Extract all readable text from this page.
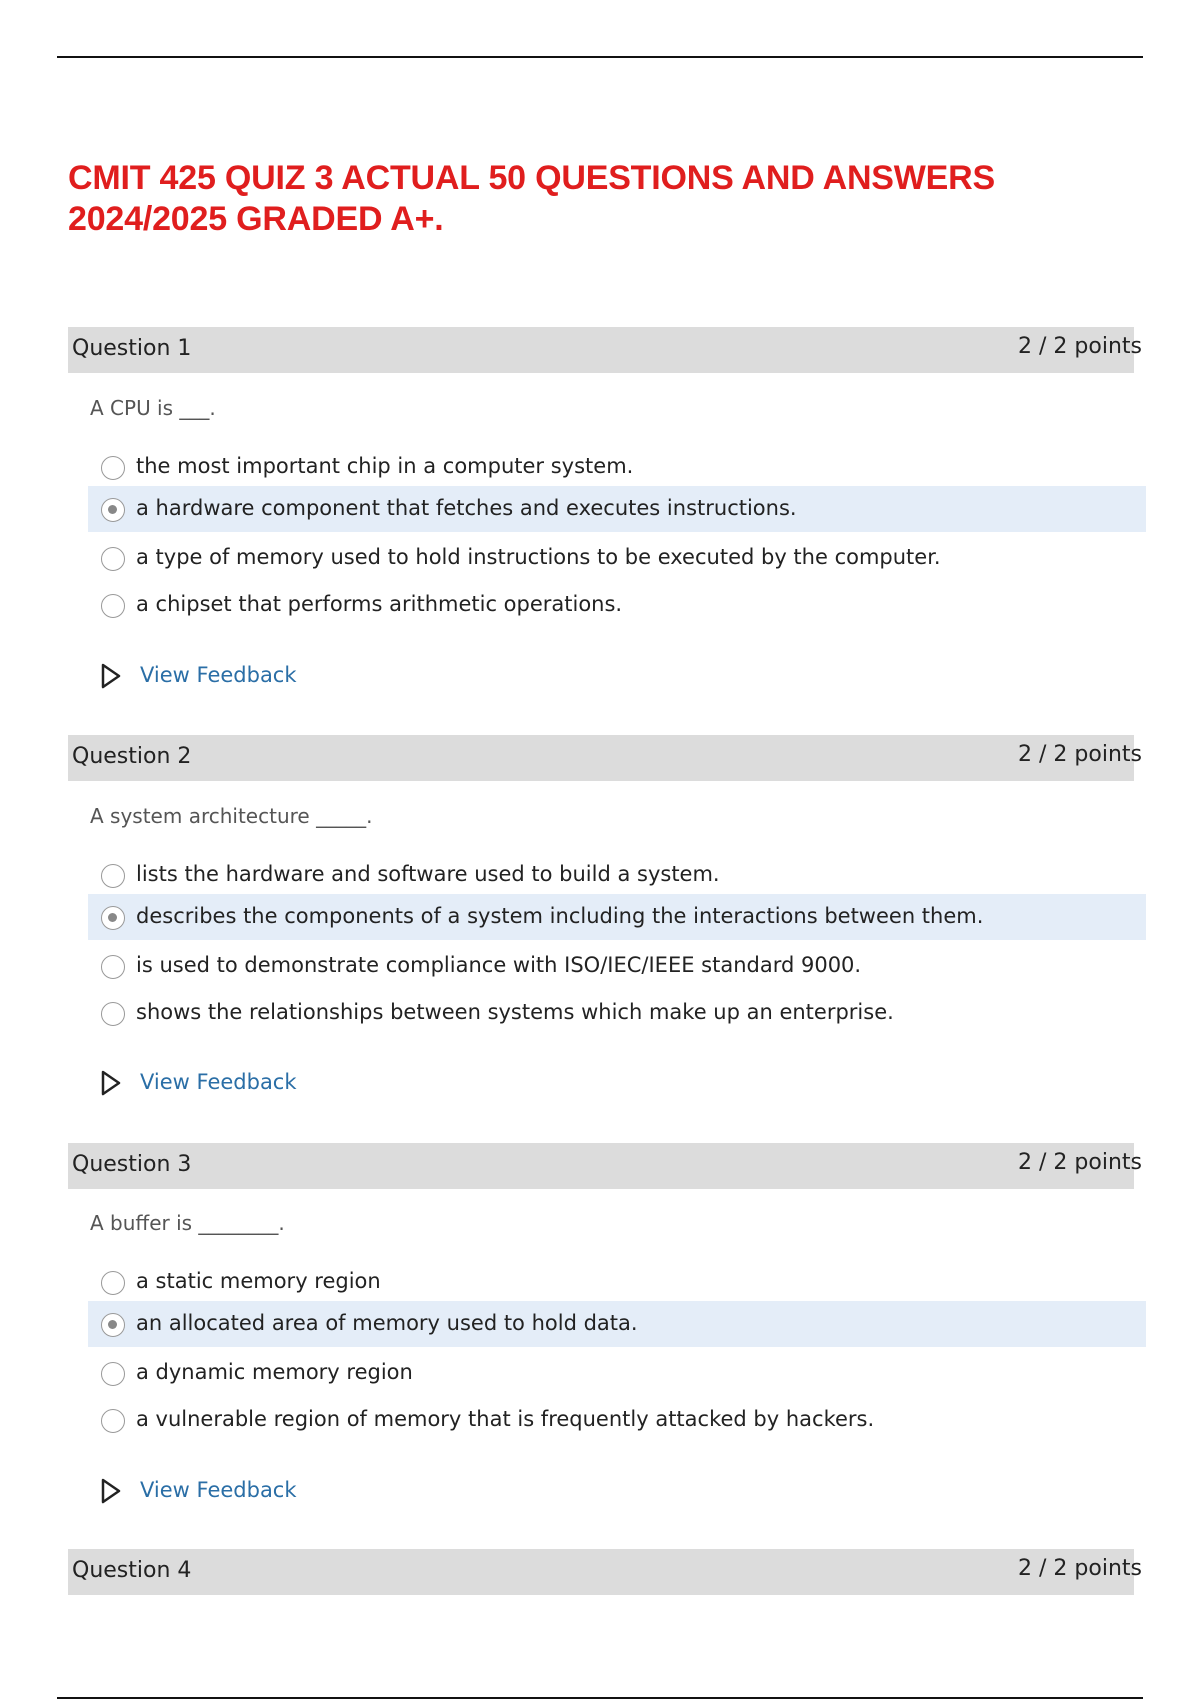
CMIT 425 QUIZ 3 ACTUAL 50 QUESTIONS AND ANSWERS 2024/2025 GRADED A+.
Question 1	2 / 2 points
A CPU is ___.
the most important chip in a computer system.
a hardware component that fetches and executes instructions.
a type of memory used to hold instructions to be executed by the computer.
a chipset that performs arithmetic operations.
View Feedback
Question 2	2 / 2 points
A system architecture _____.
lists the hardware and software used to build a system.
describes the components of a system including the interactions between them.
is used to demonstrate compliance with ISO/IEC/IEEE standard 9000.
shows the relationships between systems which make up an enterprise.
View Feedback
Question 3	2 / 2 points
A buffer is ________.
a static memory region
an allocated area of memory used to hold data.
a dynamic memory region
a vulnerable region of memory that is frequently attacked by hackers.
View Feedback
Question 4	2 / 2 points
